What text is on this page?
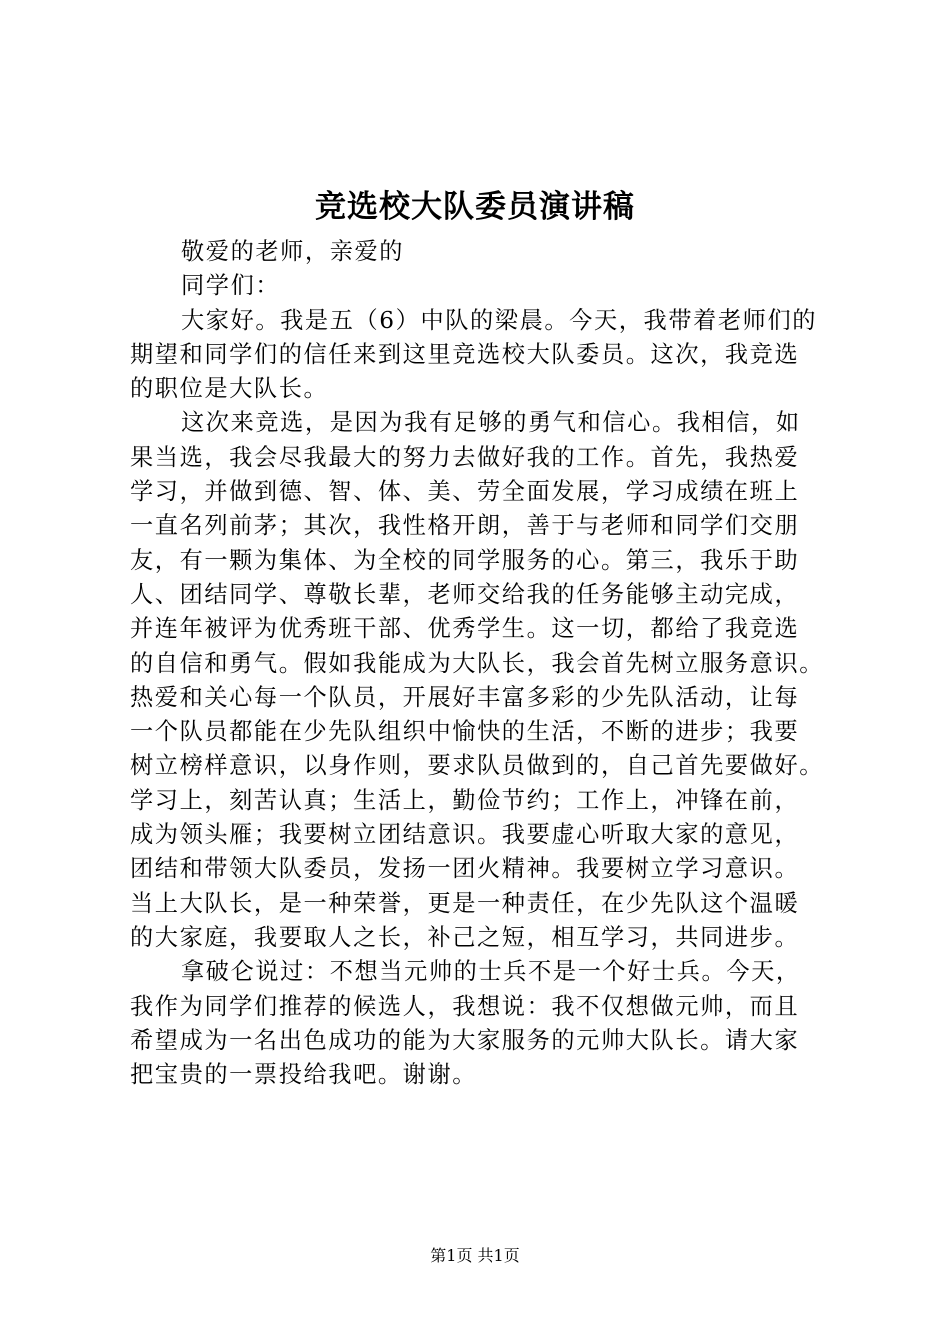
竞选校大队委员演讲稿
敬爱的老师，亲爱的
同学们：
大家好。我是五（6）中队的梁晨。今天，我带着老师们的
期望和同学们的信任来到这里竞选校大队委员。这次，我竞选
的职位是大队长。
这次来竞选，是因为我有足够的勇气和信心。我相信，如
果当选，我会尽我最大的努力去做好我的工作。首先，我热爱
学习，并做到德、智、体、美、劳全面发展，学习成绩在班上
一直名列前茅；其次，我性格开朗，善于与老师和同学们交朋
友，有一颗为集体、为全校的同学服务的心。第三，我乐于助
人、团结同学、尊敬长辈，老师交给我的任务能够主动完成，
并连年被评为优秀班干部、优秀学生。这一切，都给了我竞选
的自信和勇气。假如我能成为大队长，我会首先树立服务意识。
热爱和关心每一个队员，开展好丰富多彩的少先队活动，让每
一个队员都能在少先队组织中愉快的生活，不断的进步；我要
树立榜样意识，以身作则，要求队员做到的，自己首先要做好。
学习上，刻苦认真；生活上，勤俭节约；工作上，冲锋在前，
成为领头雁；我要树立团结意识。我要虚心听取大家的意见，
团结和带领大队委员，发扬一团火精神。我要树立学习意识。
当上大队长，是一种荣誉，更是一种责任，在少先队这个温暖
的大家庭，我要取人之长，补己之短，相互学习，共同进步。
拿破仑说过：不想当元帅的士兵不是一个好士兵。今天，
我作为同学们推荐的候选人，我想说：我不仅想做元帅，而且
希望成为一名出色成功的能为大家服务的元帅大队长。请大家
把宝贵的一票投给我吧。谢谢。
第1页 共1页
